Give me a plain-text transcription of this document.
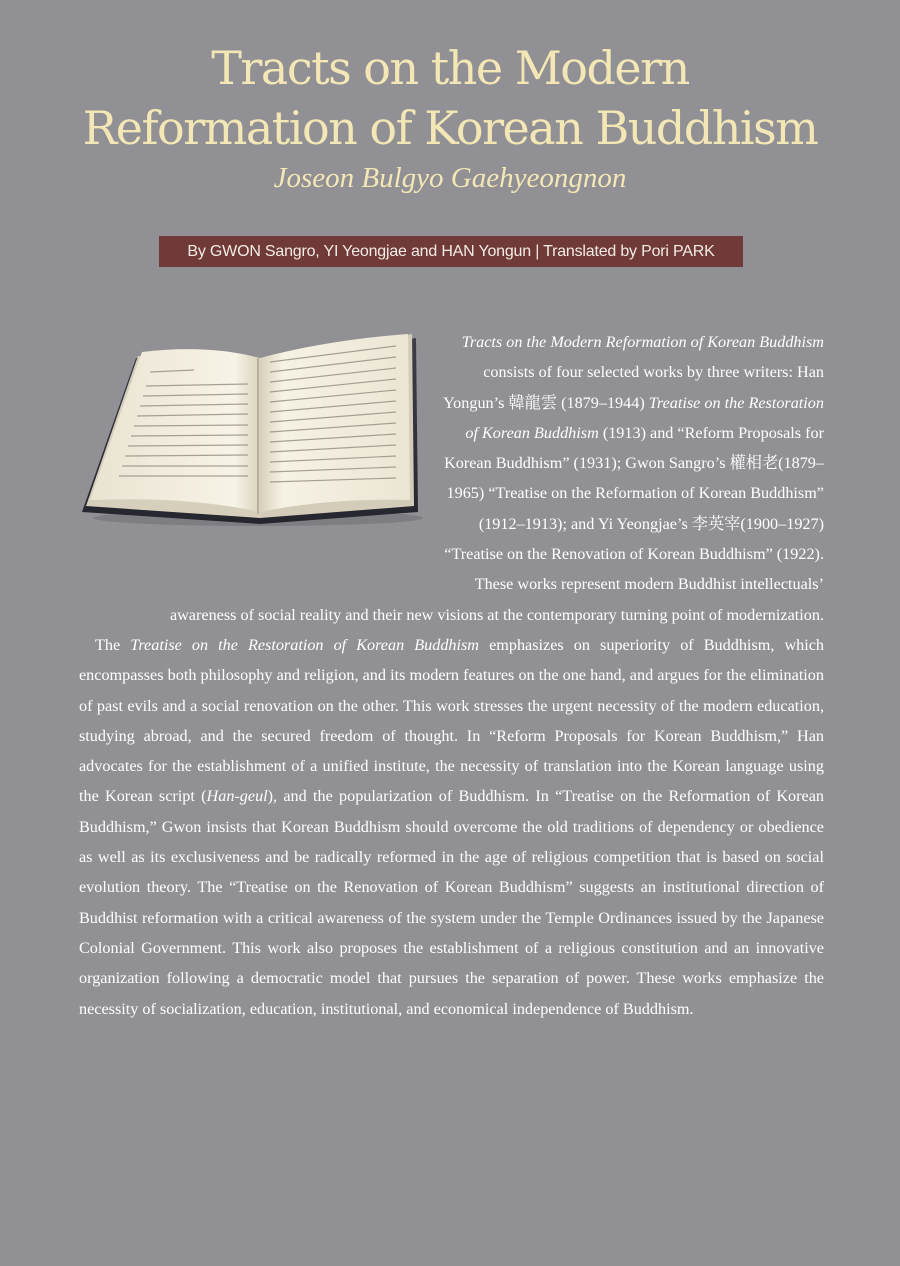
Tracts on the Modern
Reformation of Korean Buddhism
Joseon Bulgyo Gaehyeongnon
By GWON Sangro, YI Yeongjae and HAN Yongun | Translated by Pori PARK

Tracts on the Modern Reformation of Korean Buddhism consists of four selected works by three writers: Han Yongun’s 韓龍雲 (1879–1944) Treatise on the Restoration of Korean Buddhism (1913) and “Reform Proposals for Korean Buddhism” (1931); Gwon Sangro’s 權相老(1879–1965) “Treatise on the Reformation of Korean Buddhism” (1912–1913); and Yi Yeongjae’s 李英宰(1900–1927) “Treatise on the Renovation of Korean Buddhism” (1922). These works represent modern Buddhist intellectuals’ awareness of social reality and their new visions at the contemporary turning point of modernization.

The Treatise on the Restoration of Korean Buddhism emphasizes on superiority of Buddhism, which encompasses both philosophy and religion, and its modern features on the one hand, and argues for the elimination of past evils and a social renovation on the other. This work stresses the urgent necessity of the modern education, studying abroad, and the secured freedom of thought. In “Reform Proposals for Korean Buddhism,” Han advocates for the establishment of a unified institute, the necessity of translation into the Korean language using the Korean script (Han-geul), and the popularization of Buddhism. In “Treatise on the Reformation of Korean Buddhism,” Gwon insists that Korean Buddhism should overcome the old traditions of dependency or obedience as well as its exclusiveness and be radically reformed in the age of religious competition that is based on social evolution theory. The “Treatise on the Renovation of Korean Buddhism” suggests an institutional direction of Buddhist reformation with a critical awareness of the system under the Temple Ordinances issued by the Japanese Colonial Government. This work also proposes the establishment of a religious constitution and an innovative organization following a democratic model that pursues the separation of power. These works emphasize the necessity of socialization, education, institutional, and economical independence of Buddhism.
